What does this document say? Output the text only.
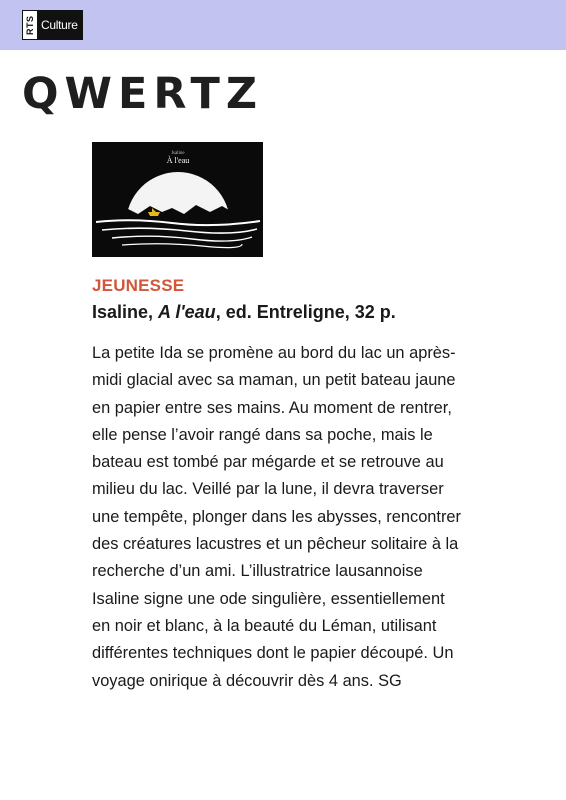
RTS Culture
QWERTZ
Isaline
À l'eau
JEUNESSE
Isaline, A l'eau, ed. Entreligne, 32 p.
La petite Ida se promène au bord du lac un après-midi glacial avec sa maman, un petit bateau jaune en papier entre ses mains. Au moment de rentrer, elle pense l’avoir rangé dans sa poche, mais le bateau est tombé par mégarde et se retrouve au milieu du lac. Veillé par la lune, il devra traverser une tempête, plonger dans les abysses, rencontrer des créatures lacustres et un pêcheur solitaire à la recherche d’un ami. L’illustratrice lausannoise Isaline signe une ode singulière, essentiellement en noir et blanc, à la beauté du Léman, utilisant différentes techniques dont le papier découpé. Un voyage onirique à découvrir dès 4 ans. SG
